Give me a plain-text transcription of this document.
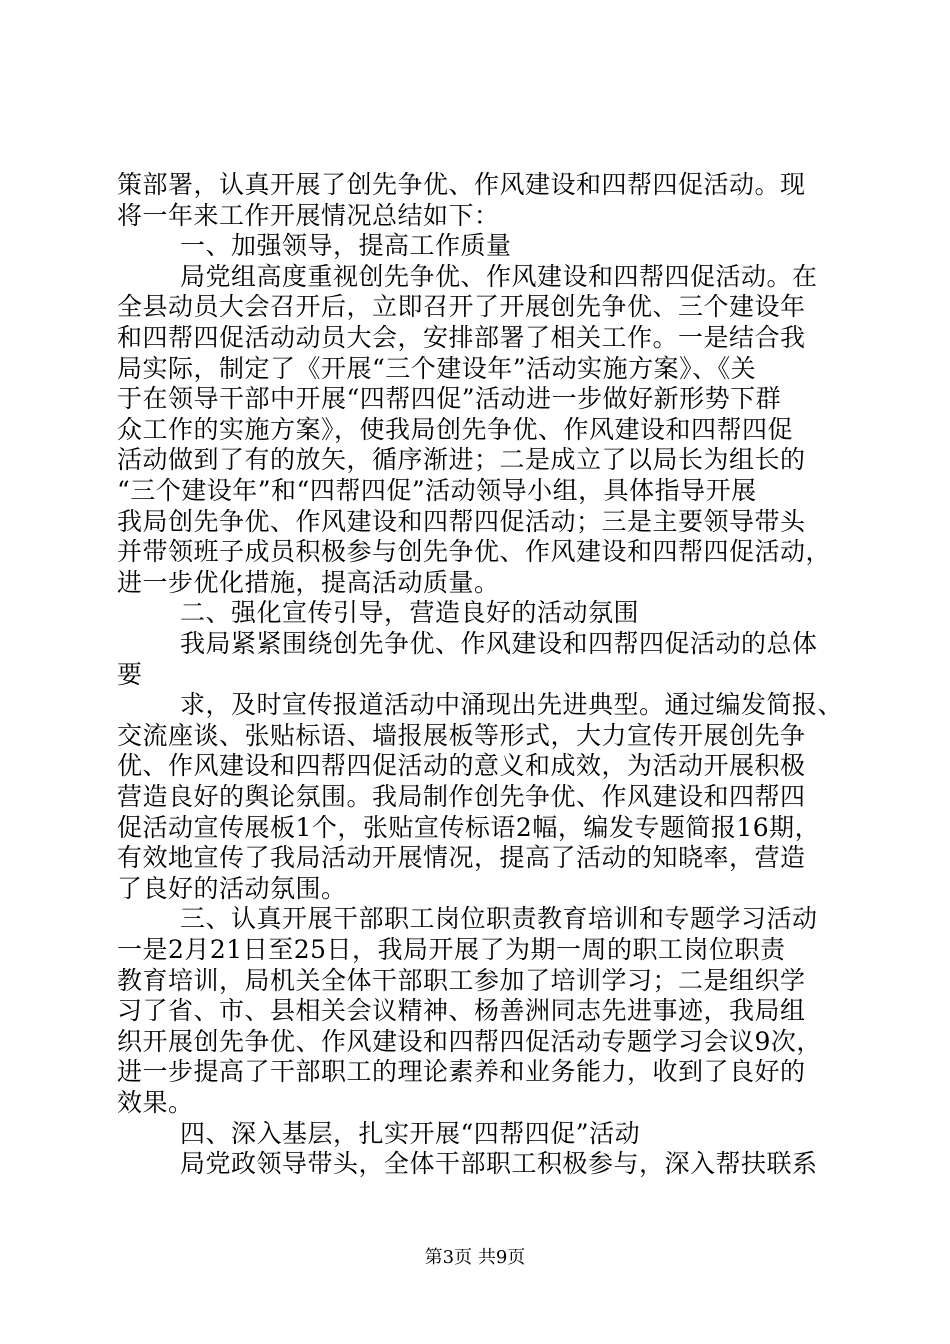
策部署，认真开展了创先争优、作风建设和四帮四促活动。现
将一年来工作开展情况总结如下：
一、加强领导，提高工作质量
局党组高度重视创先争优、作风建设和四帮四促活动。在
全县动员大会召开后，立即召开了开展创先争优、三个建设年
和四帮四促活动动员大会，安排部署了相关工作。一是结合我
局实际，制定了《开展“三个建设年”活动实施方案》、《关
于在领导干部中开展“四帮四促”活动进一步做好新形势下群
众工作的实施方案》，使我局创先争优、作风建设和四帮四促
活动做到了有的放矢，循序渐进；二是成立了以局长为组长的
“三个建设年”和“四帮四促”活动领导小组，具体指导开展
我局创先争优、作风建设和四帮四促活动；三是主要领导带头
并带领班子成员积极参与创先争优、作风建设和四帮四促活动，
进一步优化措施，提高活动质量。
二、强化宣传引导，营造良好的活动氛围
我局紧紧围绕创先争优、作风建设和四帮四促活动的总体
要
求，及时宣传报道活动中涌现出先进典型。通过编发简报、
交流座谈、张贴标语、墙报展板等形式，大力宣传开展创先争
优、作风建设和四帮四促活动的意义和成效，为活动开展积极
营造良好的舆论氛围。我局制作创先争优、作风建设和四帮四
促活动宣传展板1个，张贴宣传标语2幅，编发专题简报16期，
有效地宣传了我局活动开展情况，提高了活动的知晓率，营造
了良好的活动氛围。
三、认真开展干部职工岗位职责教育培训和专题学习活动
一是2月21日至25日，我局开展了为期一周的职工岗位职责
教育培训，局机关全体干部职工参加了培训学习；二是组织学
习了省、市、县相关会议精神、杨善洲同志先进事迹，我局组
织开展创先争优、作风建设和四帮四促活动专题学习会议9次，
进一步提高了干部职工的理论素养和业务能力，收到了良好的
效果。
四、深入基层，扎实开展“四帮四促”活动
局党政领导带头，全体干部职工积极参与，深入帮扶联系
第3页 共9页
